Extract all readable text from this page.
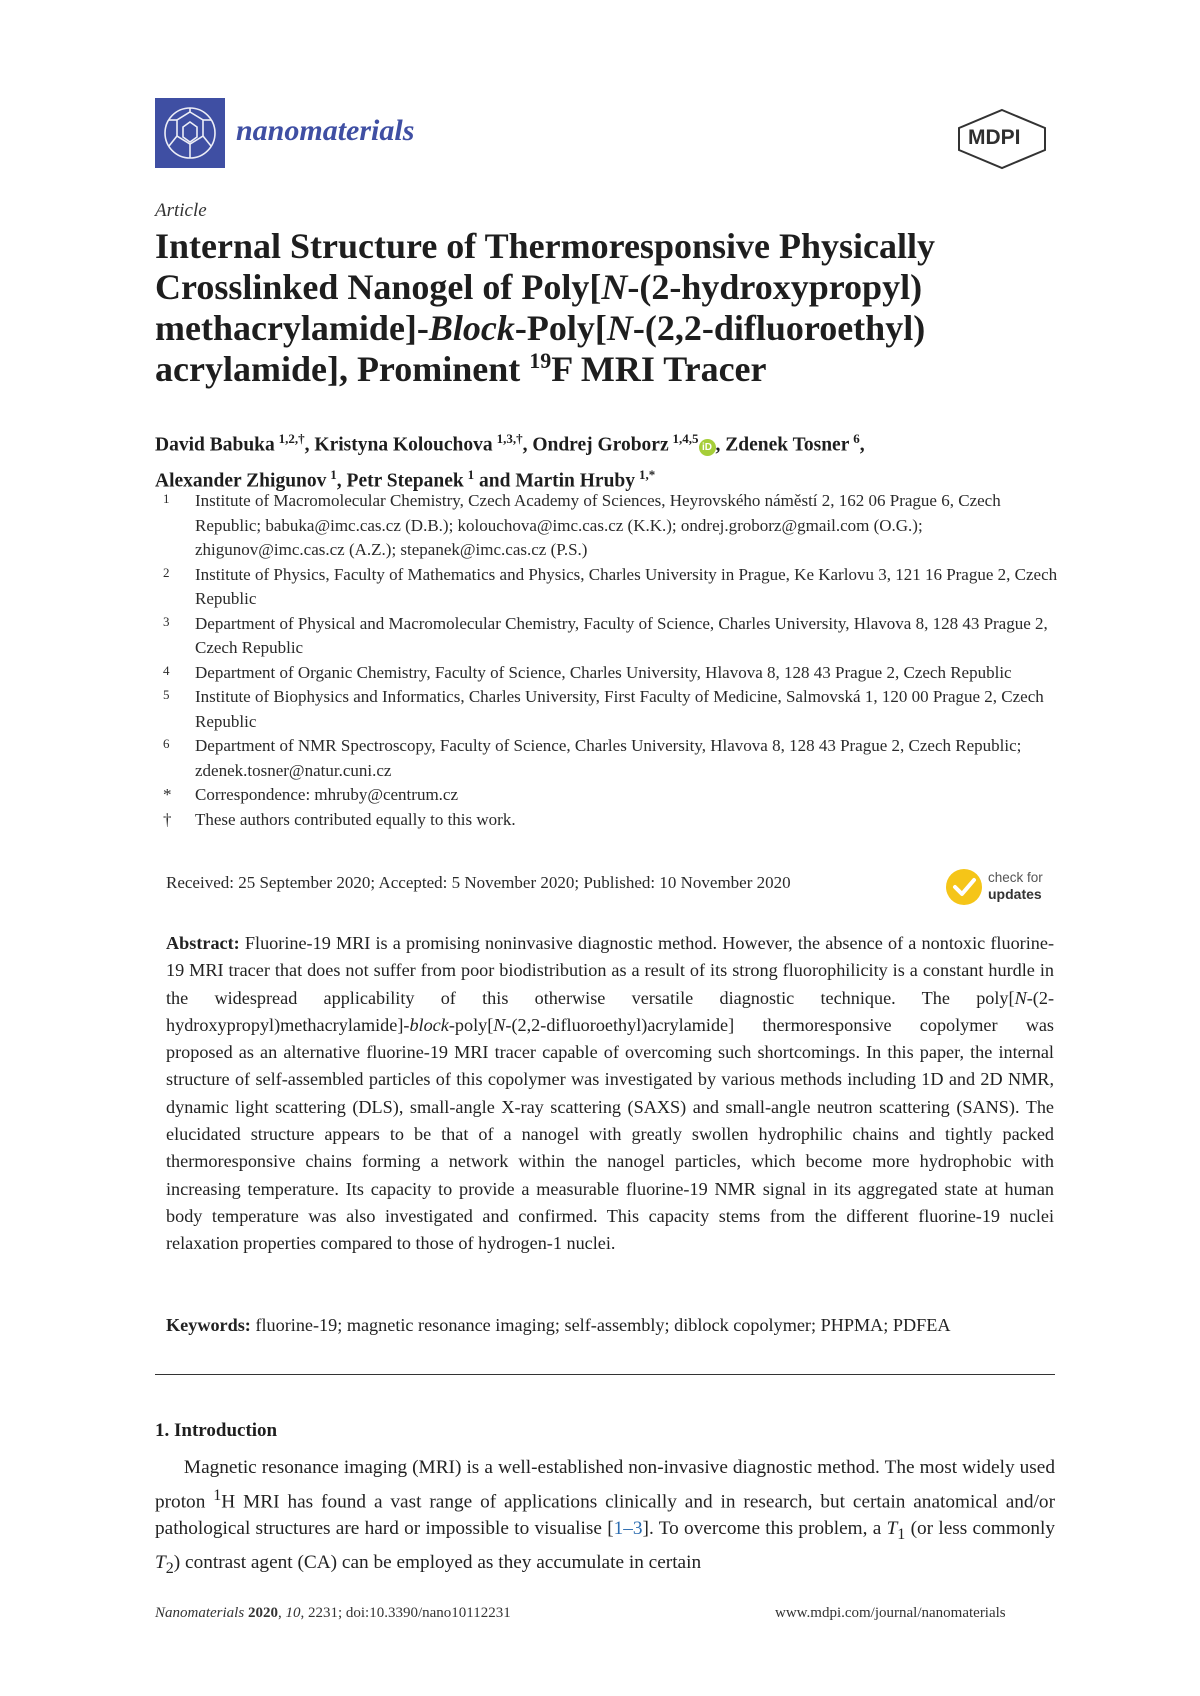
nanomaterials	MDPI
Article
Internal Structure of Thermoresponsive Physically Crosslinked Nanogel of Poly[N-(2-hydroxypropyl) methacrylamide]-Block-Poly[N-(2,2-difluoroethyl) acrylamide], Prominent $^{19}$F MRI Tracer
David Babuka  $^{1,2,\dagger}$, Kristyna Kolouchova  $^{1,3,\dagger}$, Ondrej Groborz  $^{1,4,5}$iD , Zdenek Tosner  $^6$,
Alexander Zhigunov  $^1$, Petr Stepanek  $^1$ and Martin Hruby  $^{1,*}$
1	Institute of Macromolecular Chemistry, Czech Academy of Sciences, Heyrovského náměstí 2, 162 06 Prague 6, Czech Republic; babuka@imc.cas.cz (D.B.); kolouchova@imc.cas.cz (K.K.); ondrej.groborz@gmail.com (O.G.); zhigunov@imc.cas.cz (A.Z.); stepanek@imc.cas.cz (P.S.)
2	Institute of Physics, Faculty of Mathematics and Physics, Charles University in Prague, Ke Karlovu 3, 121 16 Prague 2, Czech Republic
3	Department of Physical and Macromolecular Chemistry, Faculty of Science, Charles University, Hlavova 8, 128 43 Prague 2, Czech Republic
4	Department of Organic Chemistry, Faculty of Science, Charles University, Hlavova 8, 128 43 Prague 2, Czech Republic
5	Institute of Biophysics and Informatics, Charles University, First Faculty of Medicine, Salmovská 1, 120 00 Prague 2, Czech Republic
6	Department of NMR Spectroscopy, Faculty of Science, Charles University, Hlavova 8, 128 43 Prague 2, Czech Republic; zdenek.tosner@natur.cuni.cz
*	Correspondence: mhruby@centrum.cz
†	These authors contributed equally to this work.
Received: 25 September 2020; Accepted: 5 November 2020; Published: 10 November 2020	check for
updates
Abstract: Fluorine-19 MRI is a promising noninvasive diagnostic method. However, the absence of a nontoxic fluorine-19 MRI tracer that does not suffer from poor biodistribution as a result of its strong fluorophilicity is a constant hurdle in the widespread applicability of this otherwise versatile diagnostic technique. The poly[N-(2-hydroxypropyl)methacrylamide]-block-poly[N-(2,2-difluoroethyl)acrylamide] thermoresponsive copolymer was proposed as an alternative fluorine-19 MRI tracer capable of overcoming such shortcomings. In this paper, the internal structure of self-assembled particles of this copolymer was investigated by various methods including 1D and 2D NMR, dynamic light scattering (DLS), small-angle X-ray scattering (SAXS) and small-angle neutron scattering (SANS). The elucidated structure appears to be that of a nanogel with greatly swollen hydrophilic chains and tightly packed thermoresponsive chains forming a network within the nanogel particles, which become more hydrophobic with increasing temperature. Its capacity to provide a measurable fluorine-19 NMR signal in its aggregated state at human body temperature was also investigated and confirmed. This capacity stems from the different fluorine-19 nuclei relaxation properties compared to those of hydrogen-1 nuclei.
Keywords: fluorine-19; magnetic resonance imaging; self-assembly; diblock copolymer; PHPMA; PDFEA
1. Introduction
  Magnetic resonance imaging (MRI) is a well-established non-invasive diagnostic method. The most widely used proton $^1$H MRI has found a vast range of applications clinically and in research, but certain anatomical and/or pathological structures are hard or impossible to visualise [1–3]. To overcome this problem, a $T_1$ (or less commonly $T_2$) contrast agent (CA) can be employed as they accumulate in certain
Nanomaterials 2020, 10, 2231; doi:10.3390/nano10112231	www.mdpi.com/journal/nanomaterials
